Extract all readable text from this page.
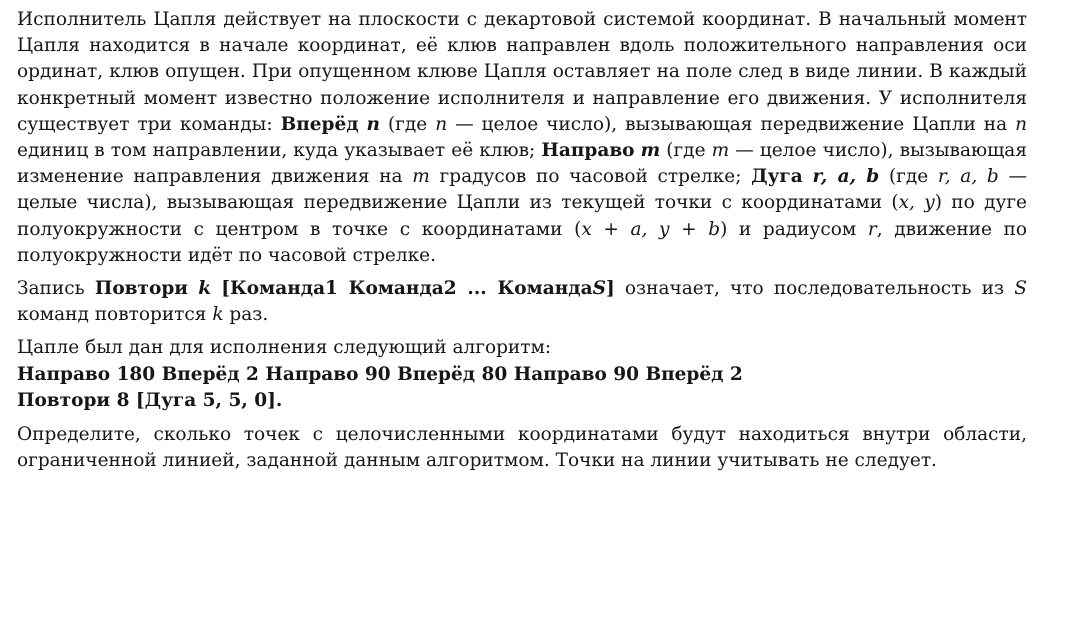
Исполнитель Цапля действует на плоскости с декартовой системой координат. В начальный момент Цапля находится в начале координат, её клюв направлен вдоль положительного направления оси ординат, клюв опущен. При опущенном клюве Цапля оставляет на поле след в виде линии. В каждый конкретный момент известно положение исполнителя и направление его движения. У исполнителя существует три команды: Вперёд n (где n — целое число), вызывающая передвижение Цапли на n единиц в том направлении, куда указывает её клюв; Направо m (где m — целое число), вызывающая изменение направления движения на m градусов по часовой стрелке; Дуга r, a, b (где r, a, b — целые числа), вызывающая передвижение Цапли из текущей точки с координатами (x, y) по дуге полуокружности с центром в точке с координатами (x + a, y + b) и радиусом r, движение по полуокружности идёт по часовой стрелке.

Запись Повтори k [Команда1 Команда2 ... КомандаS] означает, что последовательность из S команд повторится k раз.

Цапле был дан для исполнения следующий алгоритм:

Направо 180 Вперёд 2 Направо 90 Вперёд 80 Направо 90 Вперёд 2
Повтори 8 [Дуга 5, 5, 0].

Определите, сколько точек с целочисленными координатами будут находиться внутри области, ограниченной линией, заданной данным алгоритмом. Точки на линии учитывать не следует.
